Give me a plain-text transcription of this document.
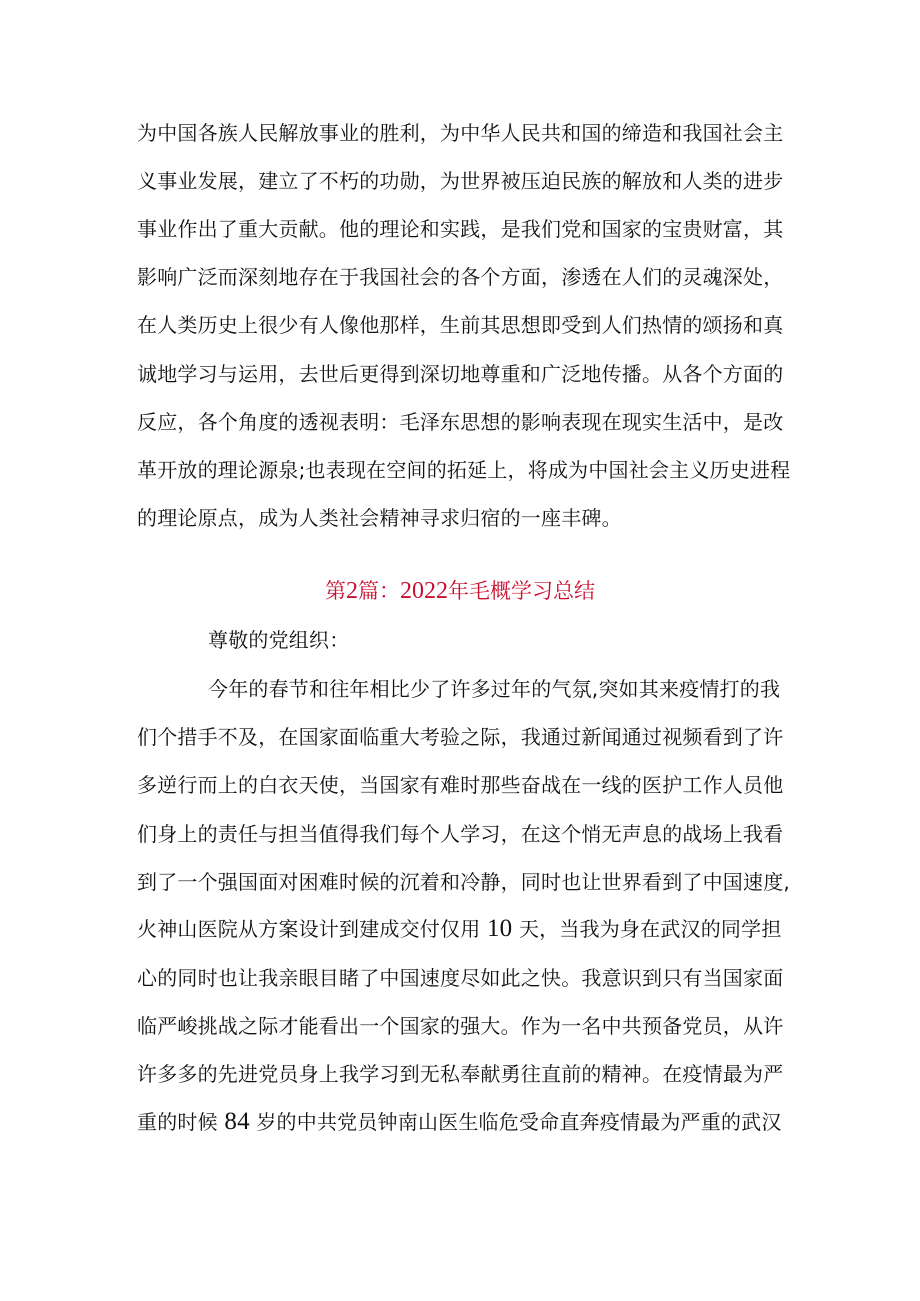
为中国各族人民解放事业的胜利，为中华人民共和国的缔造和我国社会主
义事业发展，建立了不朽的功勋，为世界被压迫民族的解放和人类的进步
事业作出了重大贡献。他的理论和实践，是我们党和国家的宝贵财富，其
影响广泛而深刻地存在于我国社会的各个方面，渗透在人们的灵魂深处，
在人类历史上很少有人像他那样，生前其思想即受到人们热情的颂扬和真
诚地学习与运用，去世后更得到深切地尊重和广泛地传播。从各个方面的
反应，各个角度的透视表明：毛泽东思想的影响表现在现实生活中，是改
革开放的理论源泉;也表现在空间的拓延上，将成为中国社会主义历史进程
的理论原点，成为人类社会精神寻求归宿的一座丰碑。
第2篇：2022年毛概学习总结
尊敬的党组织：
今年的春节和往年相比少了许多过年的气氛,突如其来疫情打的我
们个措手不及，在国家面临重大考验之际，我通过新闻通过视频看到了许
多逆行而上的白衣天使，当国家有难时那些奋战在一线的医护工作人员他
们身上的责任与担当值得我们每个人学习，在这个悄无声息的战场上我看
到了一个强国面对困难时候的沉着和冷静，同时也让世界看到了中国速度,
火神山医院从方案设计到建成交付仅用 10 天，当我为身在武汉的同学担
心的同时也让我亲眼目睹了中国速度尽如此之快。我意识到只有当国家面
临严峻挑战之际才能看出一个国家的强大。作为一名中共预备党员，从许
许多多的先进党员身上我学习到无私奉献勇往直前的精神。在疫情最为严
重的时候 84 岁的中共党员钟南山医生临危受命直奔疫情最为严重的武汉
